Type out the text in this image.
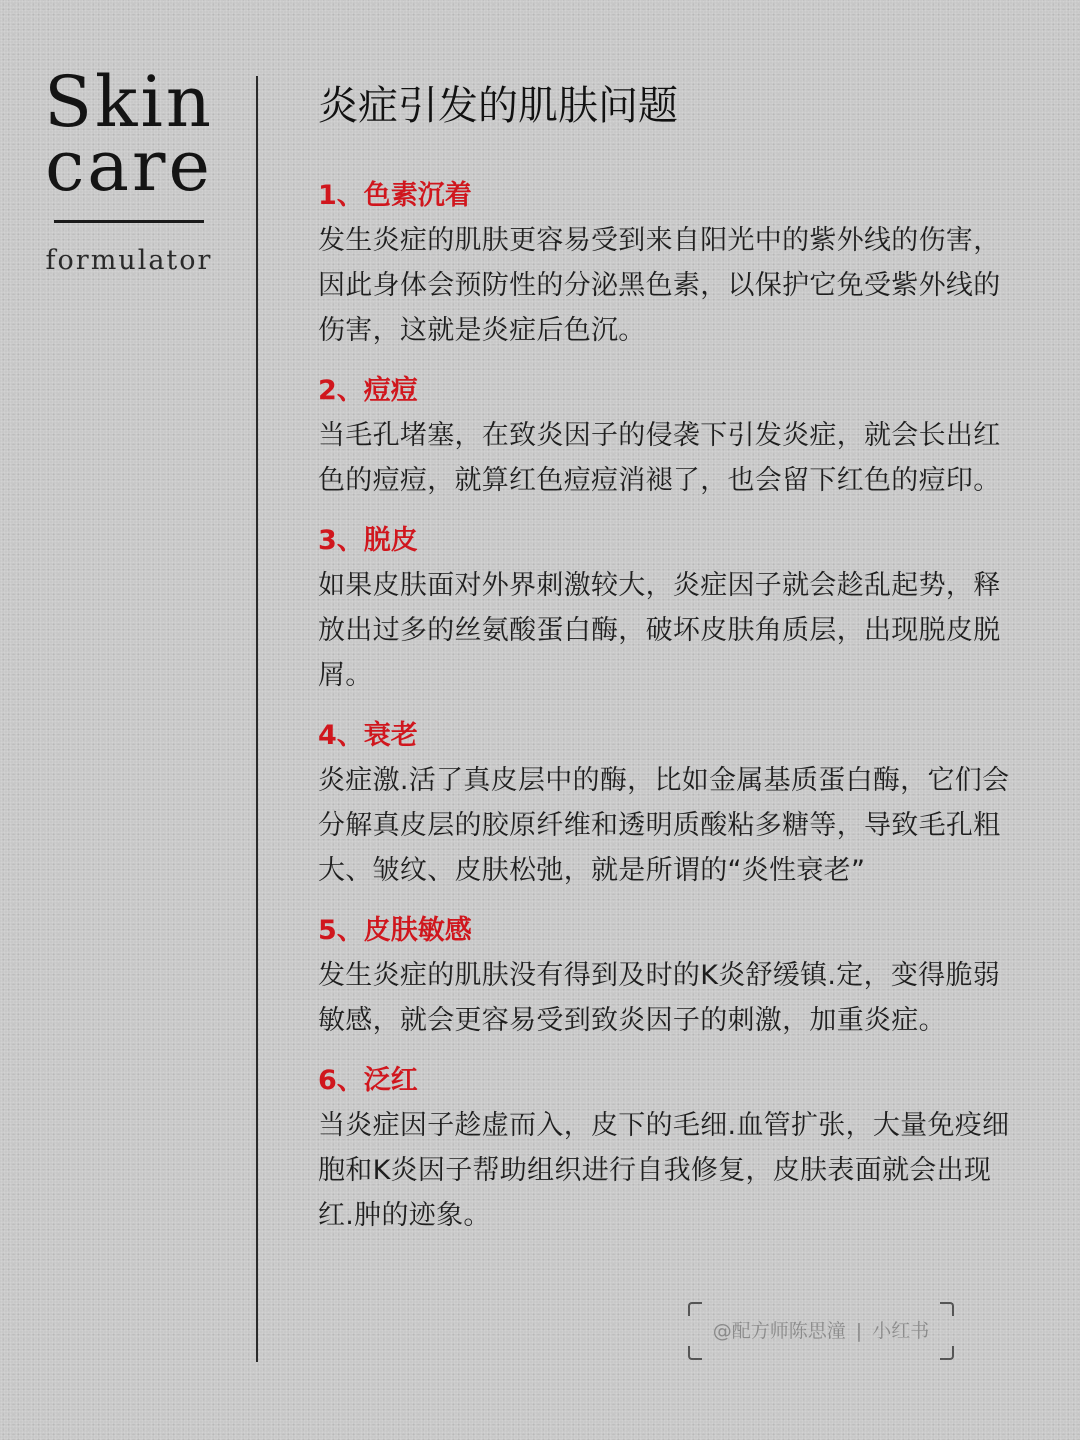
Skin
care
formulator
炎症引发的肌肤问题
1、色素沉着

发生炎症的肌肤更容易受到来自阳光中的紫外线的伤害，因此身体会预防性的分泌黑色素，以保护它免受紫外线的伤害，这就是炎症后色沉。

2、痘痘

当毛孔堵塞，在致炎因子的侵袭下引发炎症，就会长出红色的痘痘，就算红色痘痘消褪了，也会留下红色的痘印。

3、脱皮

如果皮肤面对外界刺激较大，炎症因子就会趁乱起势，释放出过多的丝氨酸蛋白酶，破坏皮肤角质层，出现脱皮脱屑。

4、衰老

炎症激.活了真皮层中的酶，比如金属基质蛋白酶，它们会分解真皮层的胶原纤维和透明质酸粘多糖等，导致毛孔粗大、皱纹、皮肤松弛，就是所谓的“炎性衰老”

5、皮肤敏感

发生炎症的肌肤没有得到及时的K炎舒缓镇.定，变得脆弱敏感，就会更容易受到致炎因子的刺激，加重炎症。

6、泛红

当炎症因子趁虚而入，皮下的毛细.血管扩张，大量免疫细胞和K炎因子帮助组织进行自我修复，皮肤表面就会出现红.肿的迹象。

@配方师陈思潼 | 小红书
